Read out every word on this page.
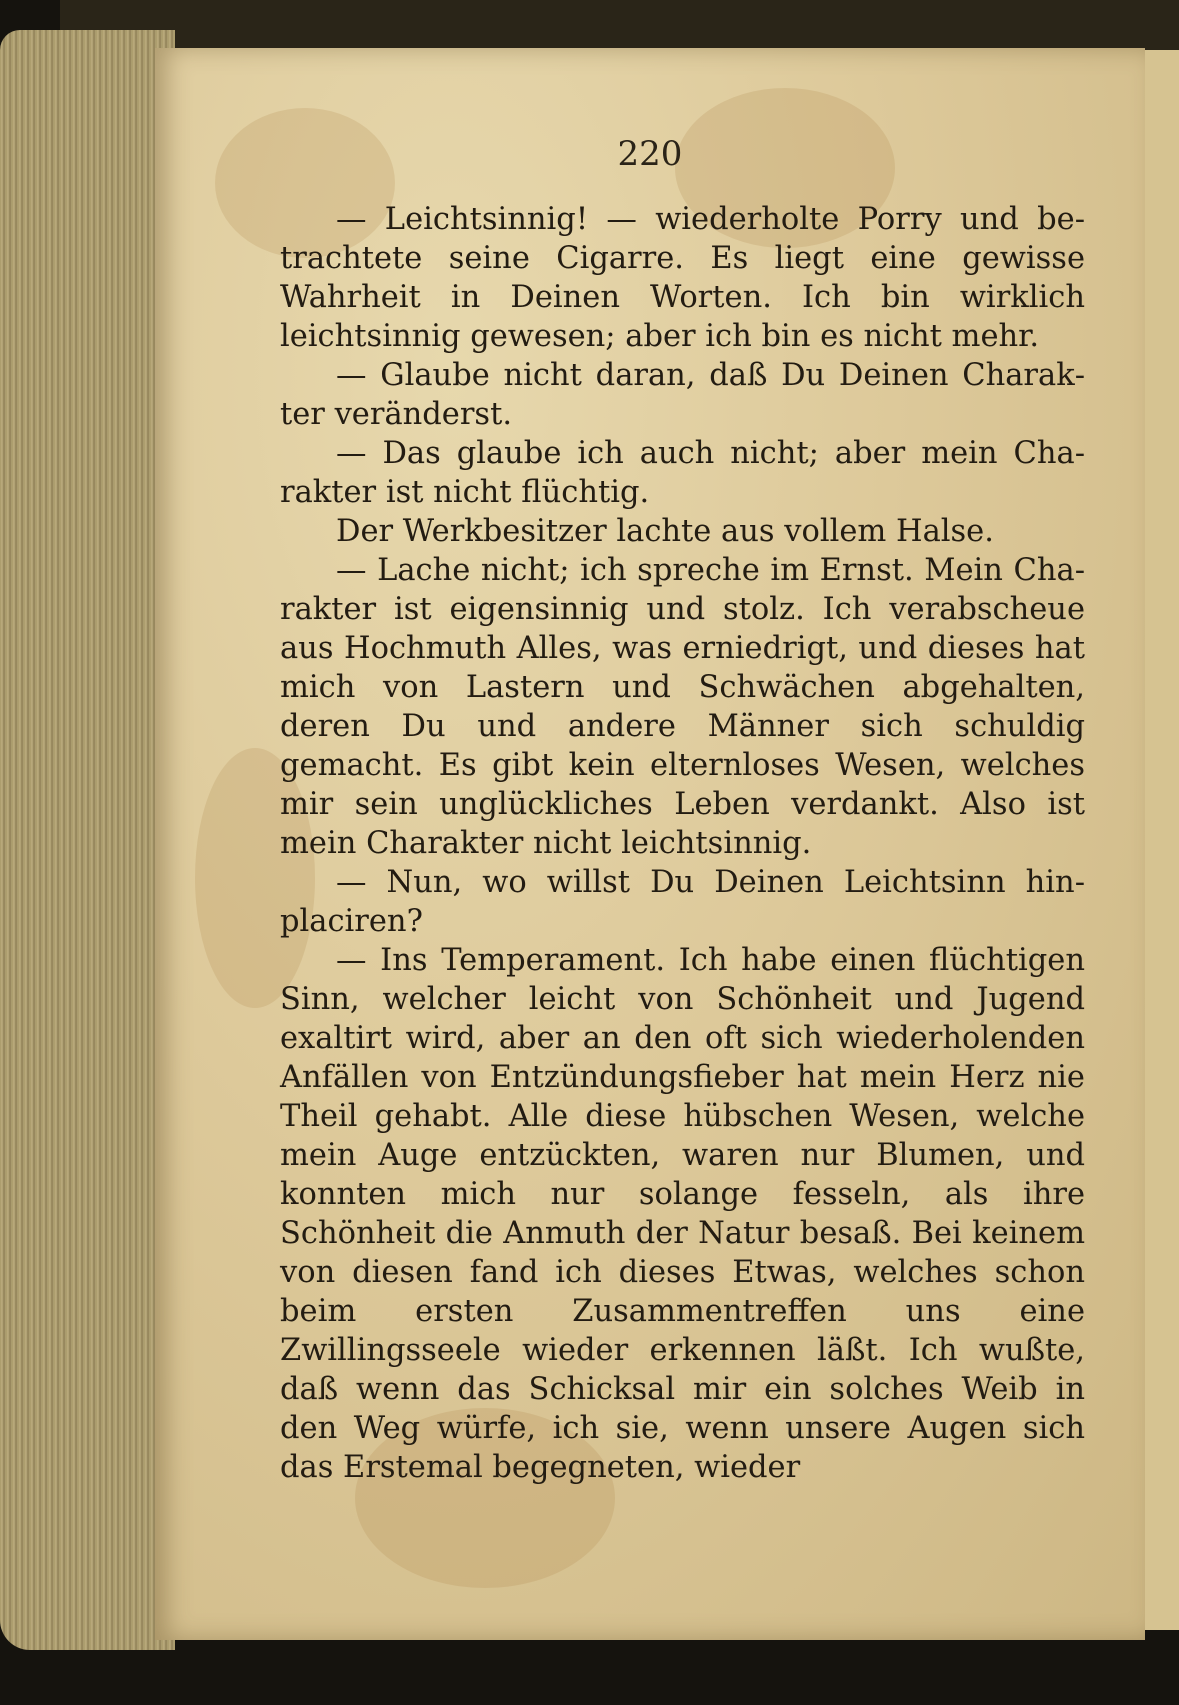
220

— Leichtsinnig! — wiederholte Porry und betrachtete seine Cigarre. Es liegt eine gewisse Wahrheit in Deinen Worten. Ich bin wirklich leichtsinnig gewesen; aber ich bin es nicht mehr.

— Glaube nicht daran, daß Du Deinen Charakter veränderst.

— Das glaube ich auch nicht; aber mein Charakter ist nicht flüchtig.

Der Werkbesitzer lachte aus vollem Halse.

— Lache nicht; ich spreche im Ernst. Mein Charakter ist eigensinnig und stolz. Ich verabscheue aus Hochmuth Alles, was erniedrigt, und dieses hat mich von Lastern und Schwächen abgehalten, deren Du und andere Männer sich schuldig gemacht. Es gibt kein elternloses Wesen, welches mir sein unglückliches Leben verdankt. Also ist mein Charakter nicht leichtsinnig.

— Nun, wo willst Du Deinen Leichtsinn hinplaciren?

— Ins Temperament. Ich habe einen flüchtigen Sinn, welcher leicht von Schönheit und Jugend exaltirt wird, aber an den oft sich wiederholenden Anfällen von Entzündungsfieber hat mein Herz nie Theil gehabt. Alle diese hübschen Wesen, welche mein Auge entzückten, waren nur Blumen, und konnten mich nur solange fesseln, als ihre Schönheit die Anmuth der Natur besaß. Bei keinem von diesen fand ich dieses Etwas, welches schon beim ersten Zusammentreffen uns eine Zwillingsseele wieder erkennen läßt. Ich wußte, daß wenn das Schicksal mir ein solches Weib in den Weg würfe, ich sie, wenn unsere Augen sich das Erstemal begegneten, wieder
